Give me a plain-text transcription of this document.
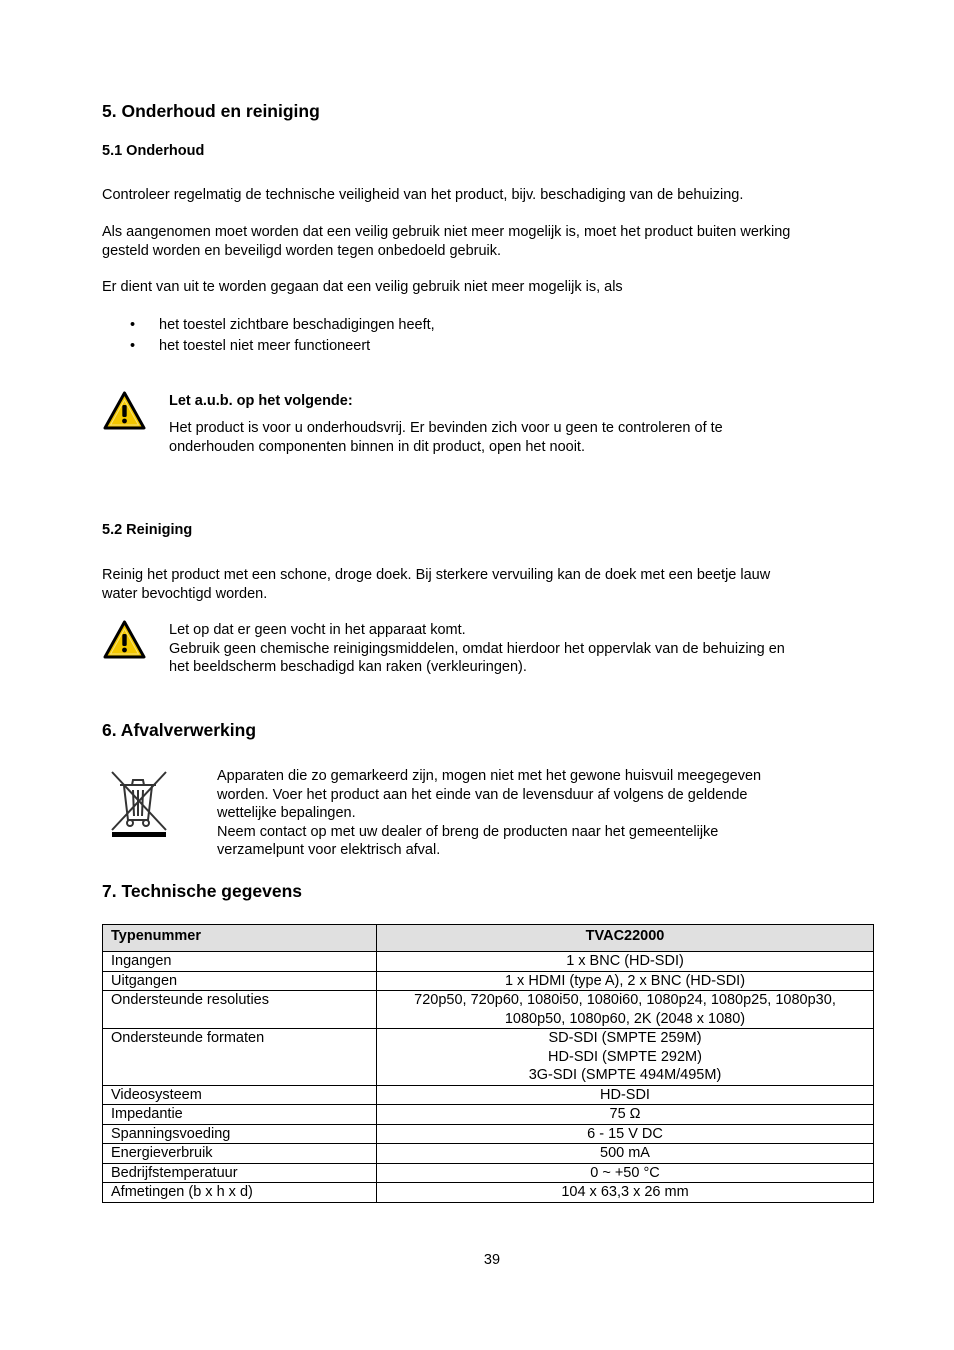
5. Onderhoud en reiniging
5.1 Onderhoud

Controleer regelmatig de technische veiligheid van het product, bijv. beschadiging van de behuizing.

Als aangenomen moet worden dat een veilig gebruik niet meer mogelijk is, moet het product buiten werking
gesteld worden en beveiligd worden tegen onbedoeld gebruik.

Er dient van uit te worden gegaan dat een veilig gebruik niet meer mogelijk is, als

• het toestel zichtbare beschadigingen heeft,
• het toestel niet meer functioneert

Let a.u.b. op het volgende:

Het product is voor u onderhoudsvrij. Er bevinden zich voor u geen te controleren of te
onderhouden componenten binnen in dit product, open het nooit.

5.2 Reiniging

Reinig het product met een schone, droge doek. Bij sterkere vervuiling kan de doek met een beetje lauw
water bevochtigd worden.

Let op dat er geen vocht in het apparaat komt.
Gebruik geen chemische reinigingsmiddelen, omdat hierdoor het oppervlak van de behuizing en
het beeldscherm beschadigd kan raken (verkleuringen).

6. Afvalverwerking

Apparaten die zo gemarkeerd zijn, mogen niet met het gewone huisvuil meegegeven
worden. Voer het product aan het einde van de levensduur af volgens de geldende
wettelijke bepalingen.
Neem contact op met uw dealer of breng de producten naar het gemeentelijke
verzamelpunt voor elektrisch afval.

7. Technische gegevens
Typenummer	TVAC22000
Ingangen	1 x BNC (HD-SDI)

Uitgangen	1 x HDMI (type A), 2 x BNC (HD-SDI)

Ondersteunde resoluties	720p50, 720p60, 1080i50, 1080i60, 1080p24, 1080p25, 1080p30,
1080p50, 1080p60, 2K (2048 x 1080)

Ondersteunde formaten	SD-SDI (SMPTE 259M)
HD-SDI (SMPTE 292M)
3G-SDI (SMPTE 494M/495M)

Videosysteem	HD-SDI

Impedantie	75 Ω

Spanningsvoeding	6 - 15 V DC

Energieverbruik	500 mA

Bedrijfstemperatuur	0 ~ +50 °C

Afmetingen (b x h x d)	104 x 63,3 x 26 mm

39
